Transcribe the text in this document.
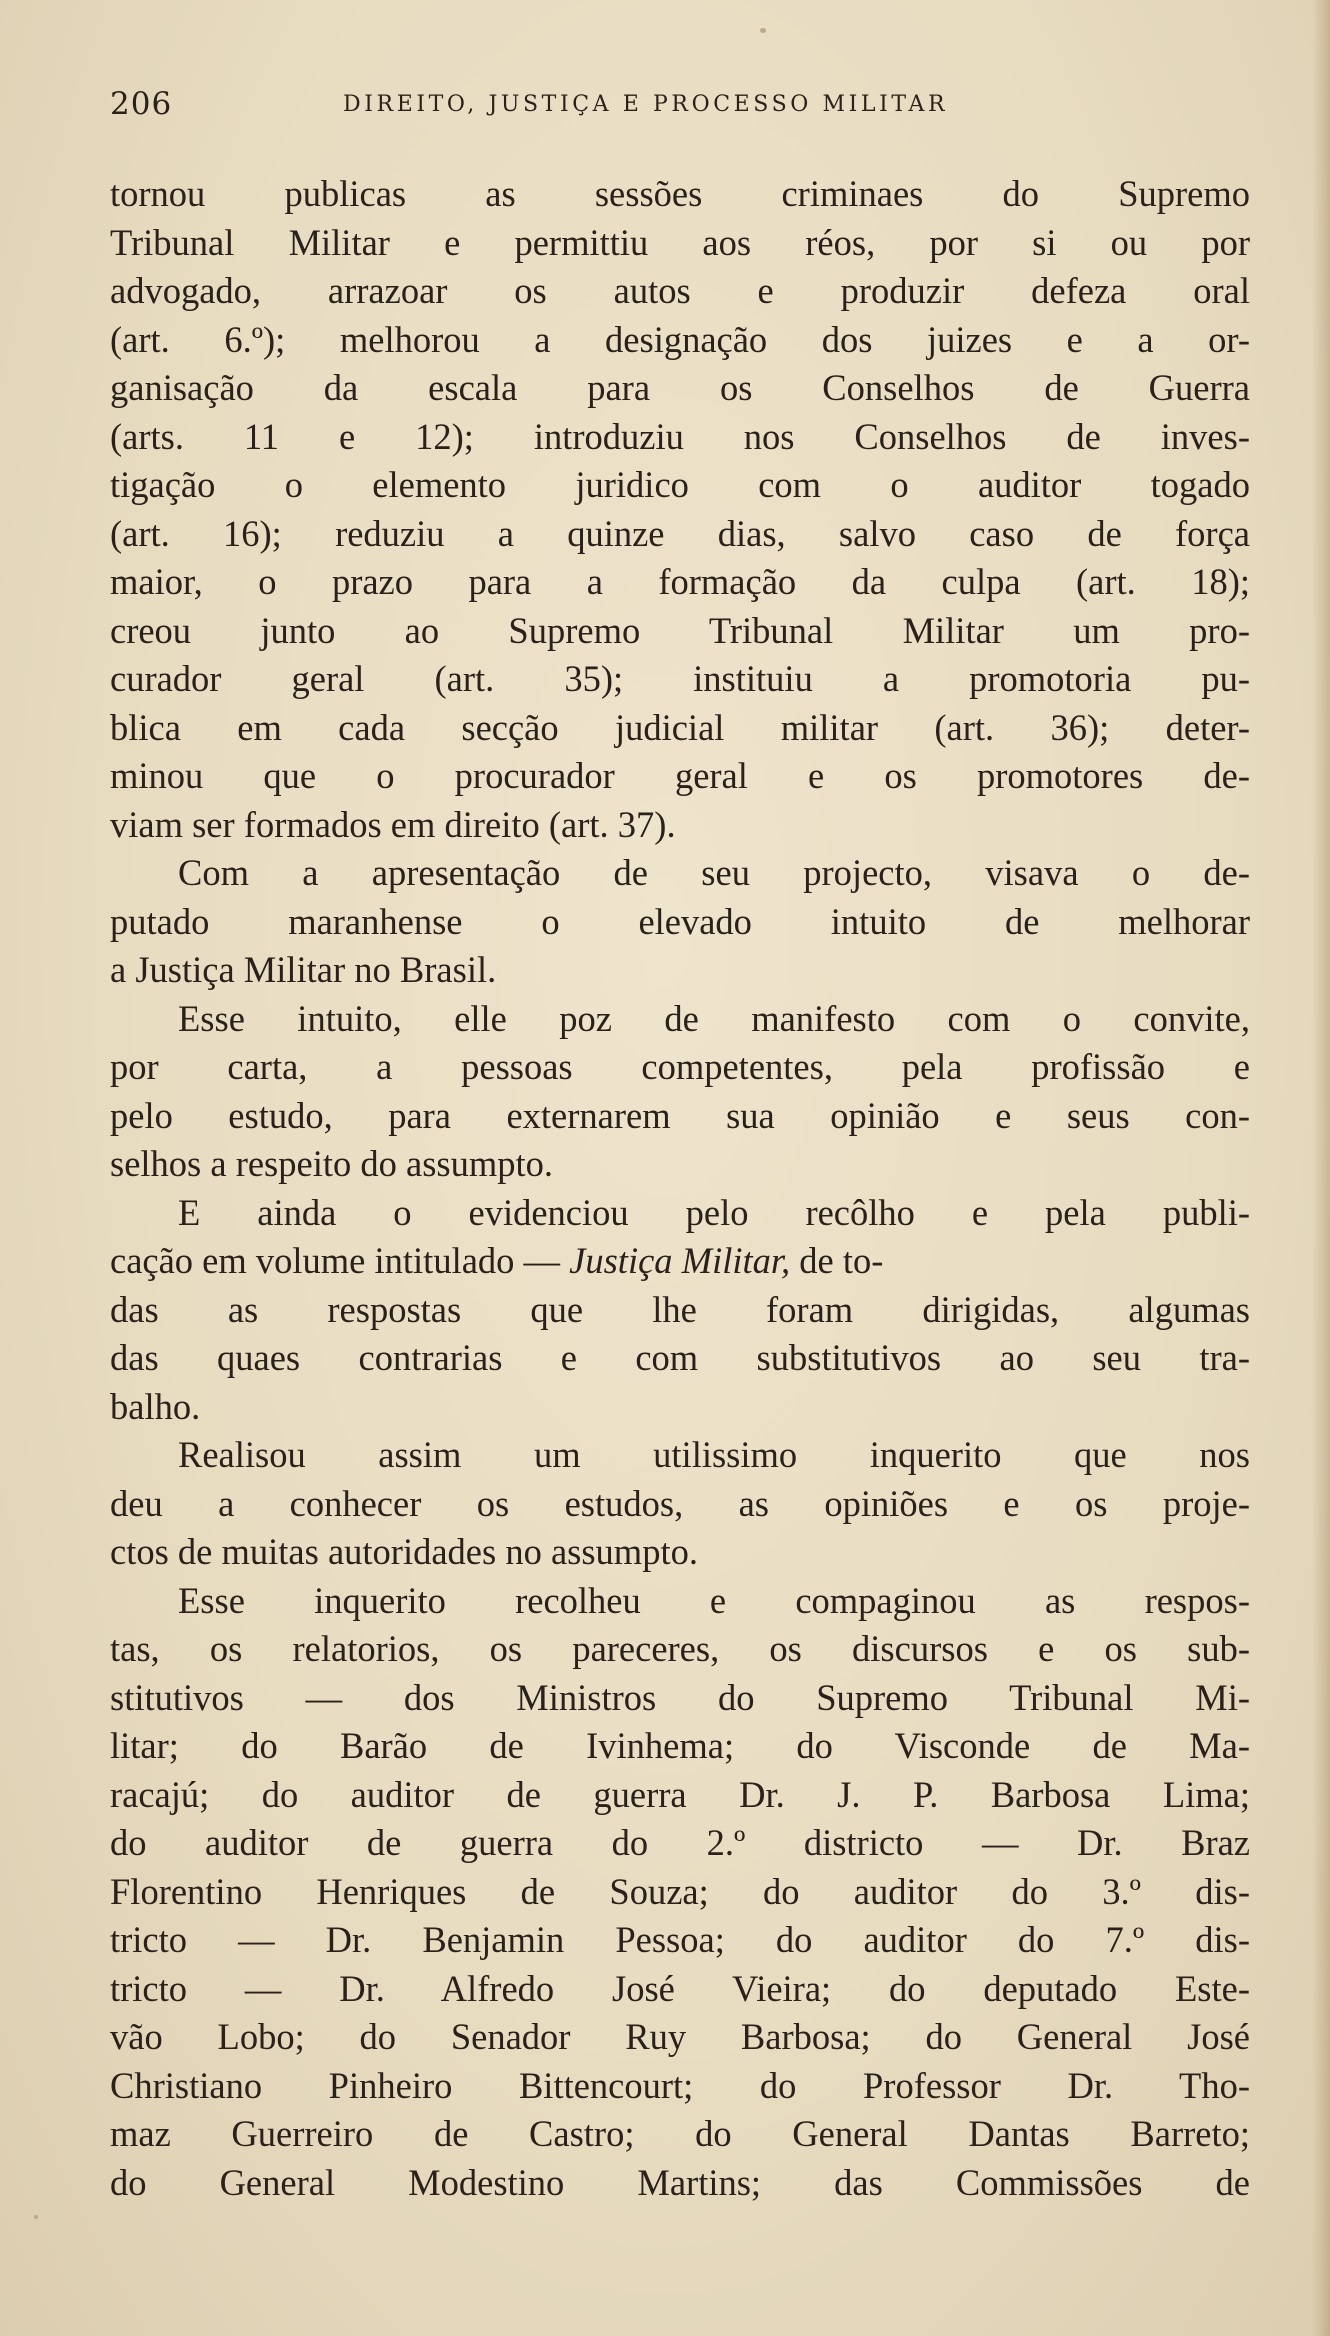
206	DIREITO, JUSTIÇA E PROCESSO MILITAR
tornou publicas as sessões criminaes do Supremo
Tribunal Militar e permittiu aos réos, por si ou por
advogado, arrazoar os autos e produzir defeza oral
(art. 6.º); melhorou a designação dos juizes e a or-
ganisação da escala para os Conselhos de Guerra
(arts. 11 e 12); introduziu nos Conselhos de inves-
tigação o elemento juridico com o auditor togado
(art. 16); reduziu a quinze dias, salvo caso de força
maior, o prazo para a formação da culpa (art. 18);
creou junto ao Supremo Tribunal Militar um pro-
curador geral (art. 35); instituiu a promotoria pu-
blica em cada secção judicial militar (art. 36); deter-
minou que o procurador geral e os promotores de-
viam ser formados em direito (art. 37).
Com a apresentação de seu projecto, visava o de-
putado maranhense o elevado intuito de melhorar
a Justiça Militar no Brasil.
Esse intuito, elle poz de manifesto com o convite,
por carta, a pessoas competentes, pela profissão e
pelo estudo, para externarem sua opinião e seus con-
selhos a respeito do assumpto.
E ainda o evidenciou pelo recôlho e pela publi-
cação em volume intitulado — Justiça Militar, de to-
das as respostas que lhe foram dirigidas, algumas
das quaes contrarias e com substitutivos ao seu tra-
balho.
Realisou assim um utilissimo inquerito que nos
deu a conhecer os estudos, as opiniões e os proje-
ctos de muitas autoridades no assumpto.
Esse inquerito recolheu e compaginou as respos-
tas, os relatorios, os pareceres, os discursos e os sub-
stitutivos — dos Ministros do Supremo Tribunal Mi-
litar; do Barão de Ivinhema; do Visconde de Ma-
racajú; do auditor de guerra Dr. J. P. Barbosa Lima;
do auditor de guerra do 2.º districto — Dr. Braz
Florentino Henriques de Souza; do auditor do 3.º dis-
tricto — Dr. Benjamin Pessoa; do auditor do 7.º dis-
tricto — Dr. Alfredo José Vieira; do deputado Este-
vão Lobo; do Senador Ruy Barbosa; do General José
Christiano Pinheiro Bittencourt; do Professor Dr. Tho-
maz Guerreiro de Castro; do General Dantas Barreto;
do General Modestino Martins; das Commissões de
